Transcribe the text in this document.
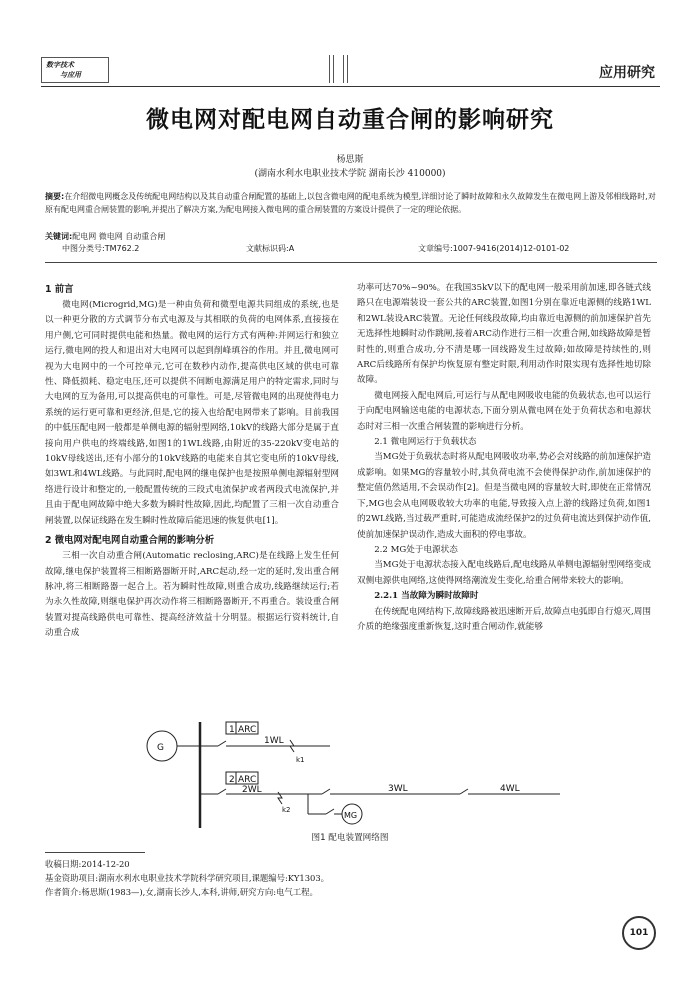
数字技术
与应用	应用研究
微电网对配电网自动重合闸的影响研究
杨思斯
(湖南水利水电职业技术学院 湖南长沙 410000)
摘要:在介绍微电网概念及传统配电网结构以及其自动重合闸配置的基础上,以包含微电网的配电系统为模型,详细讨论了瞬时故障和永久故障发生在微电网上游及邻相线路时,对原有配电网重合闸装置的影响,并提出了解决方案,为配电网接入微电网的重合闸装置的方案设计提供了一定的理论依据。
关键词:配电网 微电网 自动重合闸
中图分类号:TM762.2	文献标识码:A	文章编号:1007-9416(2014)12-0101-02
1 前言

微电网(Microgrid,MG)是一种由负荷和微型电源共同组成的系统,也是以一种更分散的方式调节分布式电源及与其相联的负荷的电网体系,直接接在用户侧,它可同时提供电能和热量。微电网的运行方式有两种:并网运行和独立运行,微电网的投人和退出对大电网可以起到削峰填谷的作用。并且,微电网可视为大电网中的一个可控单元,它可在数秒内动作,提高供电区域的供电可靠性、降低损耗、稳定电压,还可以提供不间断电源满足用户的特定需求,同时与大电网的互为备用,可以提高供电的可靠性。可是,尽管微电网的出现使得电力系统的运行更可靠和更经济,但是,它的接入也给配电网带来了影响。目前我国的中低压配电网一般都是单侧电源的辐射型网络,10kV的线路大部分是属于直接向用户供电的终端线路,如图1的1WL线路,由附近的35-220kV变电站的10kV母线送出,还有小部分的10kV线路的电能来自其它变电所的10kV母线,如3WL和4WL线路。与此同时,配电网的继电保护也是按照单侧电源辐射型网络进行设计和整定的,一般配置传统的三段式电流保护或者两段式电流保护,并且由于配电网故障中绝大多数为瞬时性故障,因此,均配置了三相一次自动重合闸装置,以保证线路在发生瞬时性故障后能迅速的恢复供电[1]。

2 微电网对配电网自动重合闸的影响分析

三相一次自动重合闸(Automatic reclosing,ARC)是在线路上发生任何故障,继电保护装置将三相断路器断开时,ARC起动,经一定的延时,发出重合闸脉冲,将三相断路器一起合上。若为瞬时性故障,则重合成功,线路继续运行;若为永久性故障,则继电保护再次动作将三相断路器断开,不再重合。装设重合闸装置对提高线路供电可靠性、提高经济效益十分明显。根据运行资料统计,自动重合成

功率可达70%~90%。在我国35kV以下的配电网一般采用前加速,即各链式线路只在电源端装设一套公共的ARC装置,如图1分别在靠近电源侧的线路1WL和2WL装设ARC装置。无论任何线段故障,均由靠近电源侧的前加速保护首先无选择性地瞬时动作跳闸,接着ARC动作进行三相一次重合闸,如线路故障是暂时性的,则重合成功,分不清是哪一回线路发生过故障;如故障是持续性的,则ARC后线路所有保护均恢复原有整定时限,利用动作时限实现有选择性地切除故障。

微电网接入配电网后,可运行与从配电网吸收电能的负载状态,也可以运行于向配电网输送电能的电源状态,下面分别从微电网在处于负荷状态和电源状态时对三相一次重合闸装置的影响进行分析。

2.1 微电网运行于负载状态

当MG处于负载状态时将从配电网吸收功率,势必会对线路的前加速保护造成影响。如果MG的容量较小时,其负荷电流不会使得保护动作,前加速保护的整定值仍然适用,不会误动作[2]。但是当微电网的容量较大时,即使在正常情况下,MG也会从电网吸收较大功率的电能,导致接入点上游的线路过负荷,如图1的2WL线路,当过载严重时,可能造成流经保护2的过负荷电流达到保护动作值,使前加速保护误动作,造成大面积的停电事故。

2.2 MG处于电源状态

当MG处于电源状态接入配电线路后,配电线路从单侧电源辐射型网络变成双侧电源供电网络,这使得网络潮流发生变化,给重合闸带来较大的影响。

2.2.1 当故障为瞬时故障时

在传统配电网结构下,故障线路被迅速断开后,故障点电弧即自行熄灭,周围介质的绝缘强度重新恢复,这时重合闸动作,就能够

G
1 ARC
1WL
k1
2 ARC
2WL
k2
3WL	4WL
MG
图1 配电装置网络图
收稿日期:2014-12-20
基金资助项目:湖南水利水电职业技术学院科学研究项目,课题编号:KY1303。
作者简介:杨思斯(1983—),女,湖南长沙人,本科,讲师,研究方向:电气工程。
101
